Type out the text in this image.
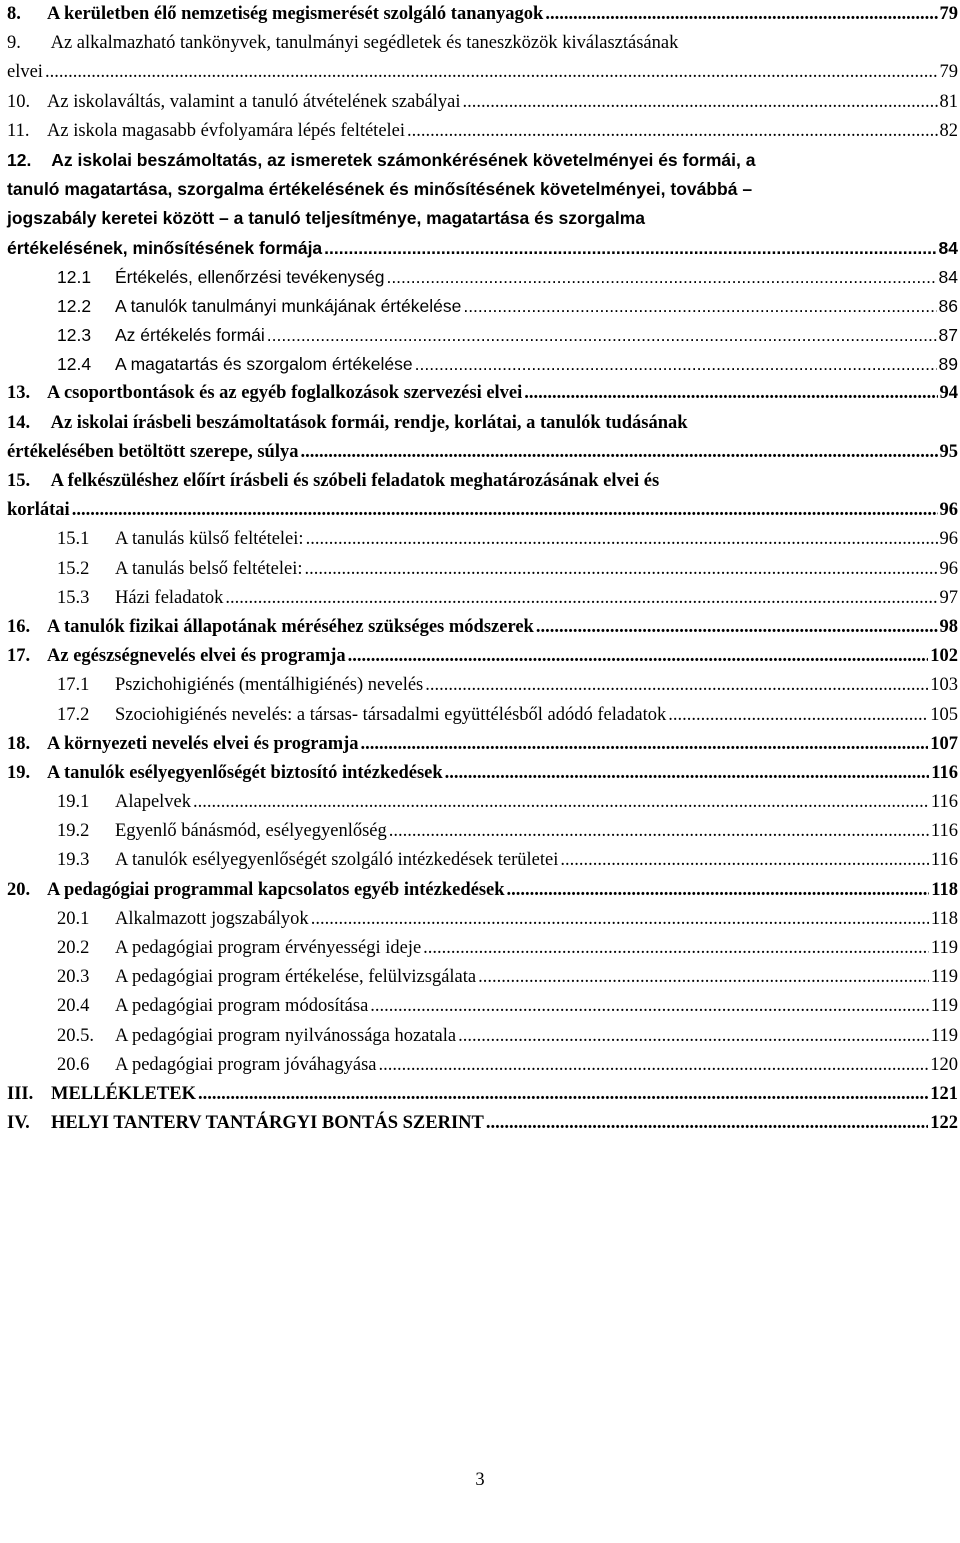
8.	A kerületben élő nemzetiség megismerését szolgáló tananyagok .....	79
9. Az alkalmazható tankönyvek, tanulmányi segédletek és taneszközök kiválasztásának
elvei .....	79
10. Az iskolaváltás, valamint a tanuló átvételének szabályai .....	81
11. Az iskola magasabb évfolyamára lépés feltételei .....	82
12. Az iskolai beszámoltatás, az ismeretek számonkérésének követelményei és formái, a
tanuló magatartása, szorgalma értékelésének és minősítésének követelményei, továbbá –
jogszabály keretei között – a tanuló teljesítménye, magatartása és szorgalma
értékelésének, minősítésének formája .....	84
12.1	Értékelés, ellenőrzési tevékenység .....	84
12.2	A tanulók tanulmányi munkájának értékelése .....	86
12.3	Az értékelés formái .....	87
12.4	A magatartás és szorgalom értékelése .....	89
13. A csoportbontások és az egyéb foglalkozások szervezési elvei .....	94
14. Az iskolai írásbeli beszámoltatások formái, rendje, korlátai, a tanulók tudásának
értékelésében betöltött szerepe, súlya .....	95
15. A felkészüléshez előírt írásbeli és szóbeli feladatok meghatározásának elvei és
korlátai .....	96
15.1	A tanulás külső feltételei: .....	96
15.2	A tanulás belső feltételei: .....	96
15.3	Házi feladatok .....	97
16. A tanulók fizikai állapotának méréséhez szükséges módszerek .....	98
17. Az egészségnevelés elvei és programja .....	102
17.1	Pszichohigiénés (mentálhigiénés) nevelés .....	103
17.2	Szociohigiénés nevelés: a társas- társadalmi együttélésből adódó feladatok .....	105
18. A környezeti nevelés elvei és programja .....	107
19. A tanulók esélyegyenlőségét biztosító intézkedések .....	116
19.1	Alapelvek .....	116
19.2	Egyenlő bánásmód, esélyegyenlőség .....	116
19.3	A tanulók esélyegyenlőségét szolgáló intézkedések területei .....	116
20. A pedagógiai programmal kapcsolatos egyéb intézkedések .....	118
20.1	Alkalmazott jogszabályok .....	118
20.2	A pedagógiai program érvényességi ideje .....	119
20.3	A pedagógiai program értékelése, felülvizsgálata .....	119
20.4	A pedagógiai program módosítása .....	119
20.5.	A pedagógiai program nyilvánossága hozatala .....	119
20.6	A pedagógiai program jóváhagyása .....	120
III. MELLÉKLETEK .....	121
IV.	HELYI TANTERV TANTÁRGYI BONTÁS SZERINT .....	122
3
